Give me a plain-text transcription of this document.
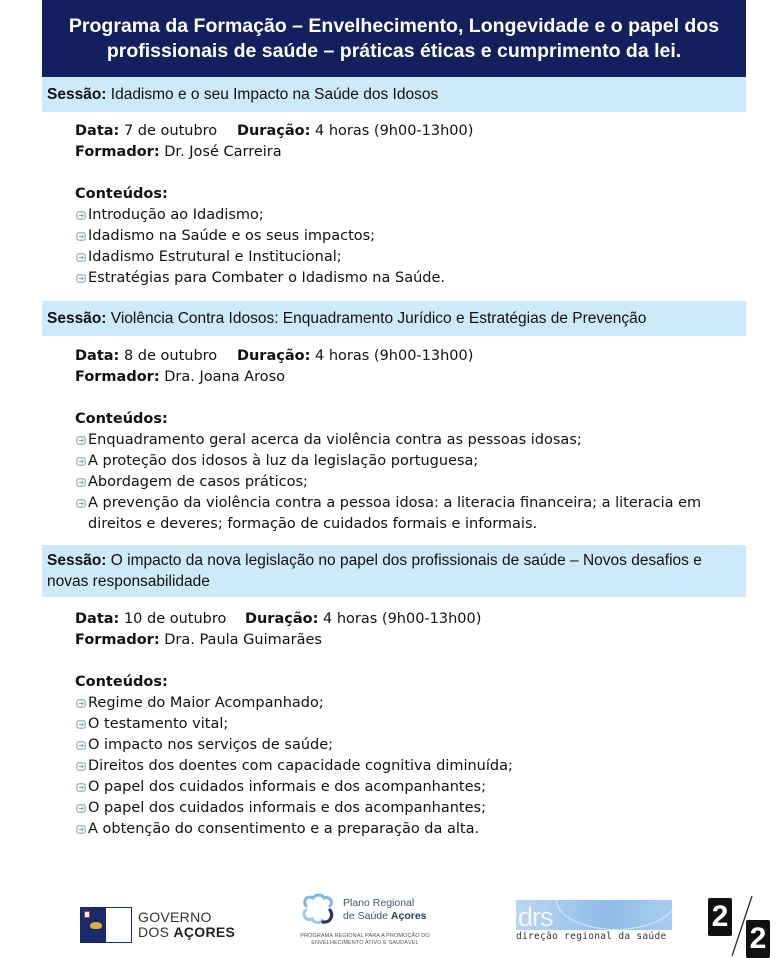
Programa da Formação – Envelhecimento, Longevidade e o papel dos profissionais de saúde – práticas éticas e cumprimento da lei.
Sessão: Idadismo e o seu Impacto na Saúde dos Idosos
Data:
7 de outubro	Duração:
4 horas (9h00-13h00)
Formador:
Dr. José Carreira
Conteúdos:
Introdução ao Idadismo;
Idadismo na Saúde e os seus impactos;
Idadismo Estrutural e Institucional;
Estratégias para Combater o Idadismo na Saúde.
Sessão: Violência Contra Idosos: Enquadramento Jurídico e Estratégias de Prevenção
Data:
8 de outubro	Duração:
4 horas (9h00-13h00)
Formador:
Dra. Joana Aroso
Conteúdos:
Enquadramento geral acerca da violência contra as pessoas idosas;
A proteção dos idosos à luz da legislação portuguesa;
Abordagem de casos práticos;
A prevenção da violência contra a pessoa idosa: a literacia financeira; a literacia em direitos e deveres; formação de cuidados formais e informais.
Sessão: O impacto da nova legislação no papel dos profissionais de saúde – Novos desafios e novas responsabilidade
Data:
10 de outubro	Duração:
4 horas (9h00-13h00)
Formador:
Dra. Paula Guimarães
Conteúdos:
Regime do Maior Acompanhado;
O testamento vital;
O impacto nos serviços de saúde;
Direitos dos doentes com capacidade cognitiva diminuída;
O papel dos cuidados informais e dos acompanhantes;
O papel dos cuidados informais e dos acompanhantes;
A obtenção do consentimento e a preparação da alta.
GOVERNO
DOS AÇORES
Plano Regional
de Saúde Açores
PROGRAMA REGIONAL PARA A PROMOÇÃO DO
ENVELHECIMENTO ATIVO E SAUDÁVEL
drs
direção regional da saúde
2
2
